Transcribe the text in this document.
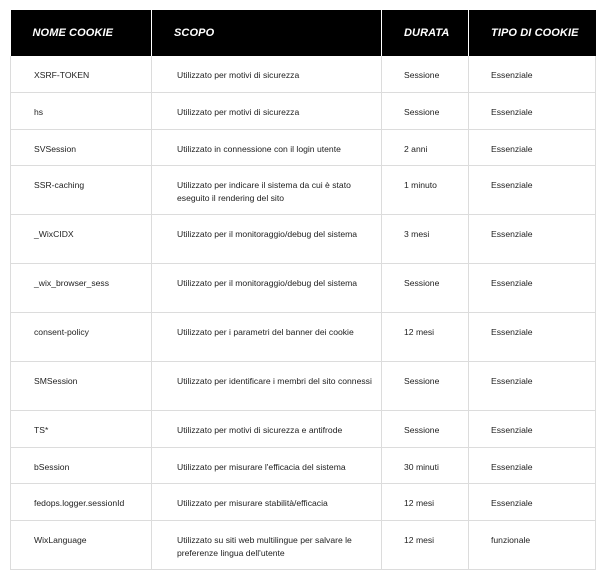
NOME COOKIE	SCOPO	DURATA	TIPO DI COOKIE
XSRF-TOKEN	Utilizzato per motivi di sicurezza	Sessione	Essenziale
hs	Utilizzato per motivi di sicurezza	Sessione	Essenziale
SVSession	Utilizzato in connessione con il login utente	2 anni	Essenziale
SSR-caching	Utilizzato per indicare il sistema da cui è stato eseguito il rendering del sito	1 minuto	Essenziale
_WixCIDX	Utilizzato per il monitoraggio/debug del sistema	3 mesi	Essenziale
_wix_browser_sess	Utilizzato per il monitoraggio/debug del sistema	Sessione	Essenziale
consent-policy	Utilizzato per i parametri del banner dei cookie	12 mesi	Essenziale
SMSession	Utilizzato per identificare i membri del sito connessi	Sessione	Essenziale
TS*	Utilizzato per motivi di sicurezza e antifrode	Sessione	Essenziale
bSession	Utilizzato per misurare l'efficacia del sistema	30 minuti	Essenziale
fedops.logger.sessionId	Utilizzato per misurare stabilità/efficacia	12 mesi	Essenziale
WixLanguage	Utilizzato su siti web multilingue per salvare le preferenze lingua dell'utente	12 mesi	funzionale
